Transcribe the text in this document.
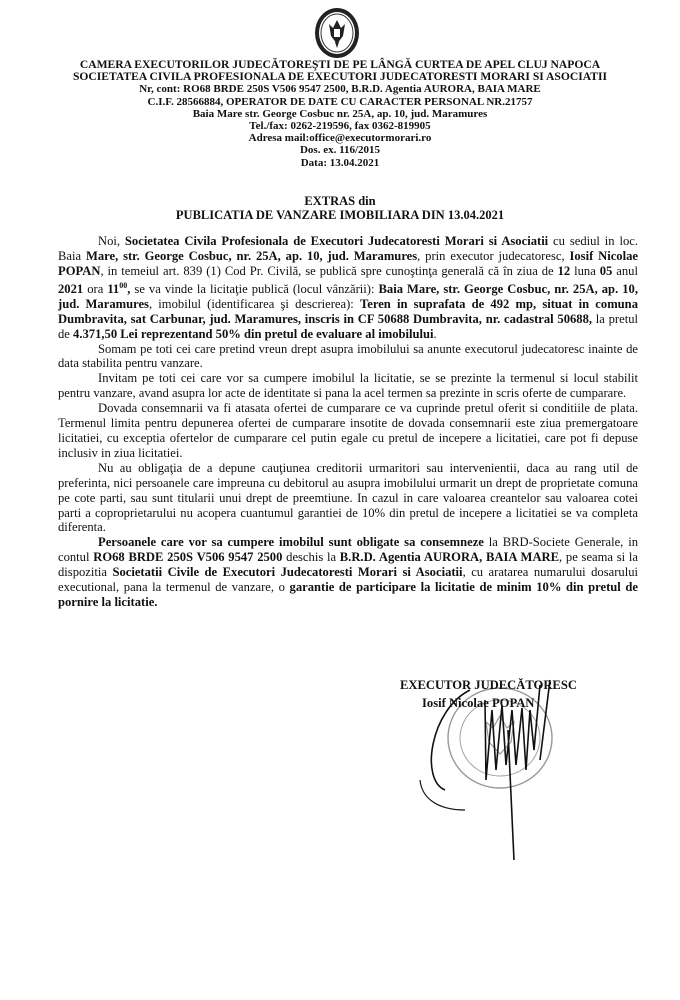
CAMERA EXECUTORILOR JUDECĂTOREŞTI DE PE LÂNGĂ CURTEA DE APEL CLUJ NAPOCA
SOCIETATEA CIVILA PROFESIONALA DE EXECUTORI JUDECATORESTI MORARI SI ASOCIATII
Nr, cont: RO68 BRDE 250S V506 9547 2500, B.R.D. Agentia AURORA, BAIA MARE
C.I.F. 28566884, OPERATOR DE DATE CU CARACTER PERSONAL NR.21757
Baia Mare str. George Cosbuc nr. 25A, ap. 10, jud. Maramures
Tel./fax: 0262-219596, fax 0362-819905
Adresa mail:office@executormorari.ro
Dos. ex. 116/2015
Data: 13.04.2021
EXTRAS din
PUBLICATIA DE VANZARE IMOBILIARA DIN 13.04.2021

Noi, Societatea Civila Profesionala de Executori Judecatoresti Morari si Asociatii cu sediul in loc. Baia Mare, str. George Cosbuc, nr. 25A, ap. 10, jud. Maramures, prin executor judecatoresc, Iosif Nicolae POPAN, in temeiul art. 839 (1) Cod Pr. Civilă, se publică spre cunoştinţa generală că în ziua de 12 luna 05 anul 2021 ora $11^{00}$, se va vinde la licitaţie publică (locul vânzării): Baia Mare, str. George Cosbuc, nr. 25A, ap. 10, jud. Maramures, imobilul (identificarea şi descrierea): Teren in suprafata de 492 mp, situat in comuna Dumbravita, sat Carbunar, jud. Maramures, inscris in CF 50688 Dumbravita, nr. cadastral 50688, la pretul de 4.371,50 Lei reprezentand 50% din pretul de evaluare al imobilului.

Somam pe toti cei care pretind vreun drept asupra imobilului sa anunte executorul judecatoresc inainte de data stabilita pentru vanzare.

Invitam pe toti cei care vor sa cumpere imobilul la licitatie, se se prezinte la termenul si locul stabilit pentru vanzare, avand asupra lor acte de identitate si pana la acel termen sa prezinte in scris oferte de cumparare.

Dovada consemnarii va fi atasata ofertei de cumparare ce va cuprinde pretul oferit si conditiile de plata. Termenul limita pentru depunerea ofertei de cumparare insotite de dovada consemnarii este ziua premergatoare licitatiei, cu exceptia ofertelor de cumparare cel putin egale cu pretul de incepere a licitatiei, care pot fi depuse inclusiv in ziua licitatiei.

Nu au obligaţia de a depune cauţiunea creditorii urmaritori sau intervenientii, daca au rang util de preferinta, nici persoanele care impreuna cu debitorul au asupra imobilului urmarit un drept de proprietate comuna pe cote parti, sau sunt titularii unui drept de preemtiune. In cazul in care valoarea creantelor sau valoarea cotei parti a coproprietarului nu acopera cuantumul garantiei de 10% din pretul de incepere a licitatiei se va completa diferenta.

Persoanele care vor sa cumpere imobilul sunt obligate sa consemneze la BRD-Societe Generale, in contul RO68 BRDE 250S V506 9547 2500 deschis la B.R.D. Agentia AURORA, BAIA MARE, pe seama si la dispozitia Societatii Civile de Executori Judecatoresti Morari si Asociatii, cu aratarea numarului dosarului executional, pana la termenul de vanzare, o garantie de participare la licitatie de minim 10% din pretul de pornire la licitatie.

EXECUTOR JUDECĂTORESC
Iosif Nicolae POPAN
